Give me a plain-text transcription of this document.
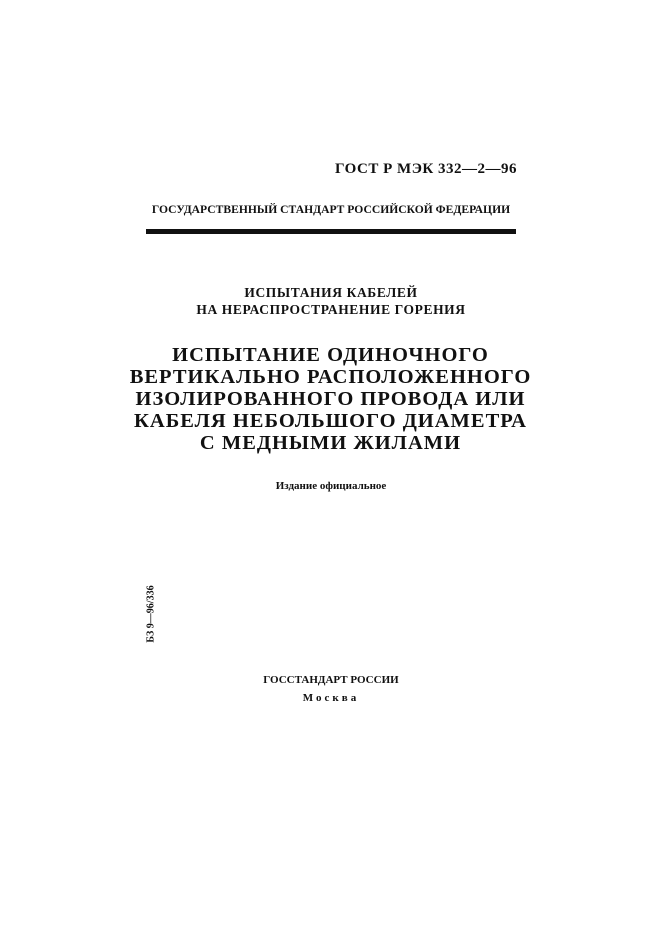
ГОСТ Р МЭК 332—2—96
ГОСУДАРСТВЕННЫЙ СТАНДАРТ РОССИЙСКОЙ ФЕДЕРАЦИИ
ИСПЫТАНИЯ КАБЕЛЕЙ
НА НЕРАСПРОСТРАНЕНИЕ ГОРЕНИЯ
ИСПЫТАНИЕ ОДИНОЧНОГО
ВЕРТИКАЛЬНО РАСПОЛОЖЕННОГО
ИЗОЛИРОВАННОГО ПРОВОДА ИЛИ
КАБЕЛЯ НЕБОЛЬШОГО ДИАМЕТРА
С МЕДНЫМИ ЖИЛАМИ
Издание официальное
БЗ 9—96/336
ГОССТАНДАРТ РОССИИ
Москва
